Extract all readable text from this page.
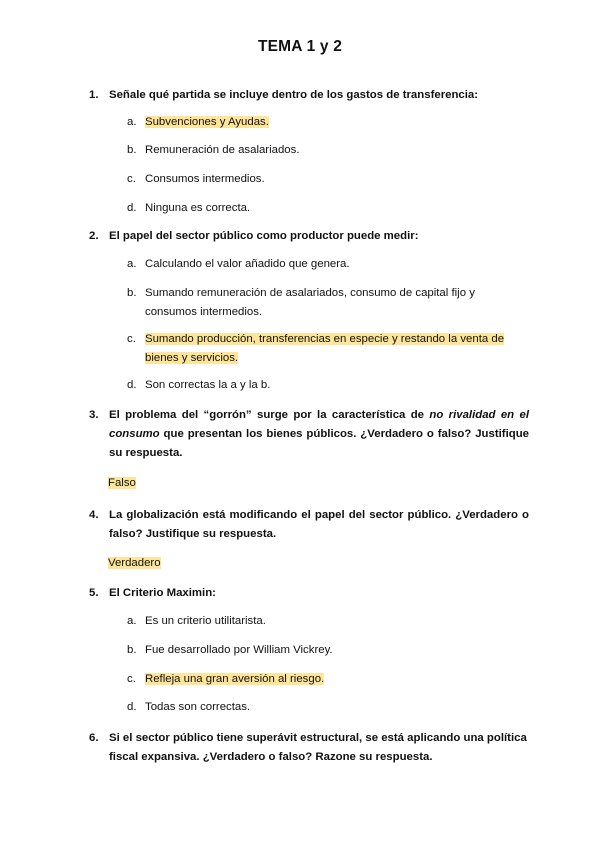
TEMA 1 y 2
1. Señale qué partida se incluye dentro de los gastos de transferencia:
a. Subvenciones y Ayudas.
b. Remuneración de asalariados.
c. Consumos intermedios.
d. Ninguna es correcta.
2. El papel del sector público como productor puede medir:
a. Calculando el valor añadido que genera.
b. Sumando remuneración de asalariados, consumo de capital fijo y
consumos intermedios.
c. Sumando producción, transferencias en especie y restando la venta de
bienes y servicios.
d. Son correctas la a y la b.
3. El problema del “gorrón” surge por la característica de no rivalidad en el consumo que presentan los bienes públicos. ¿Verdadero o falso? Justifique su respuesta.
Falso
4. La globalización está modificando el papel del sector público. ¿Verdadero o falso? Justifique su respuesta.
Verdadero
5. El Criterio Maximin:
a. Es un criterio utilitarista.
b. Fue desarrollado por William Vickrey.
c. Refleja una gran aversión al riesgo.
d. Todas son correctas.
6. Si el sector público tiene superávit estructural, se está aplicando una política fiscal expansiva. ¿Verdadero o falso? Razone su respuesta.
